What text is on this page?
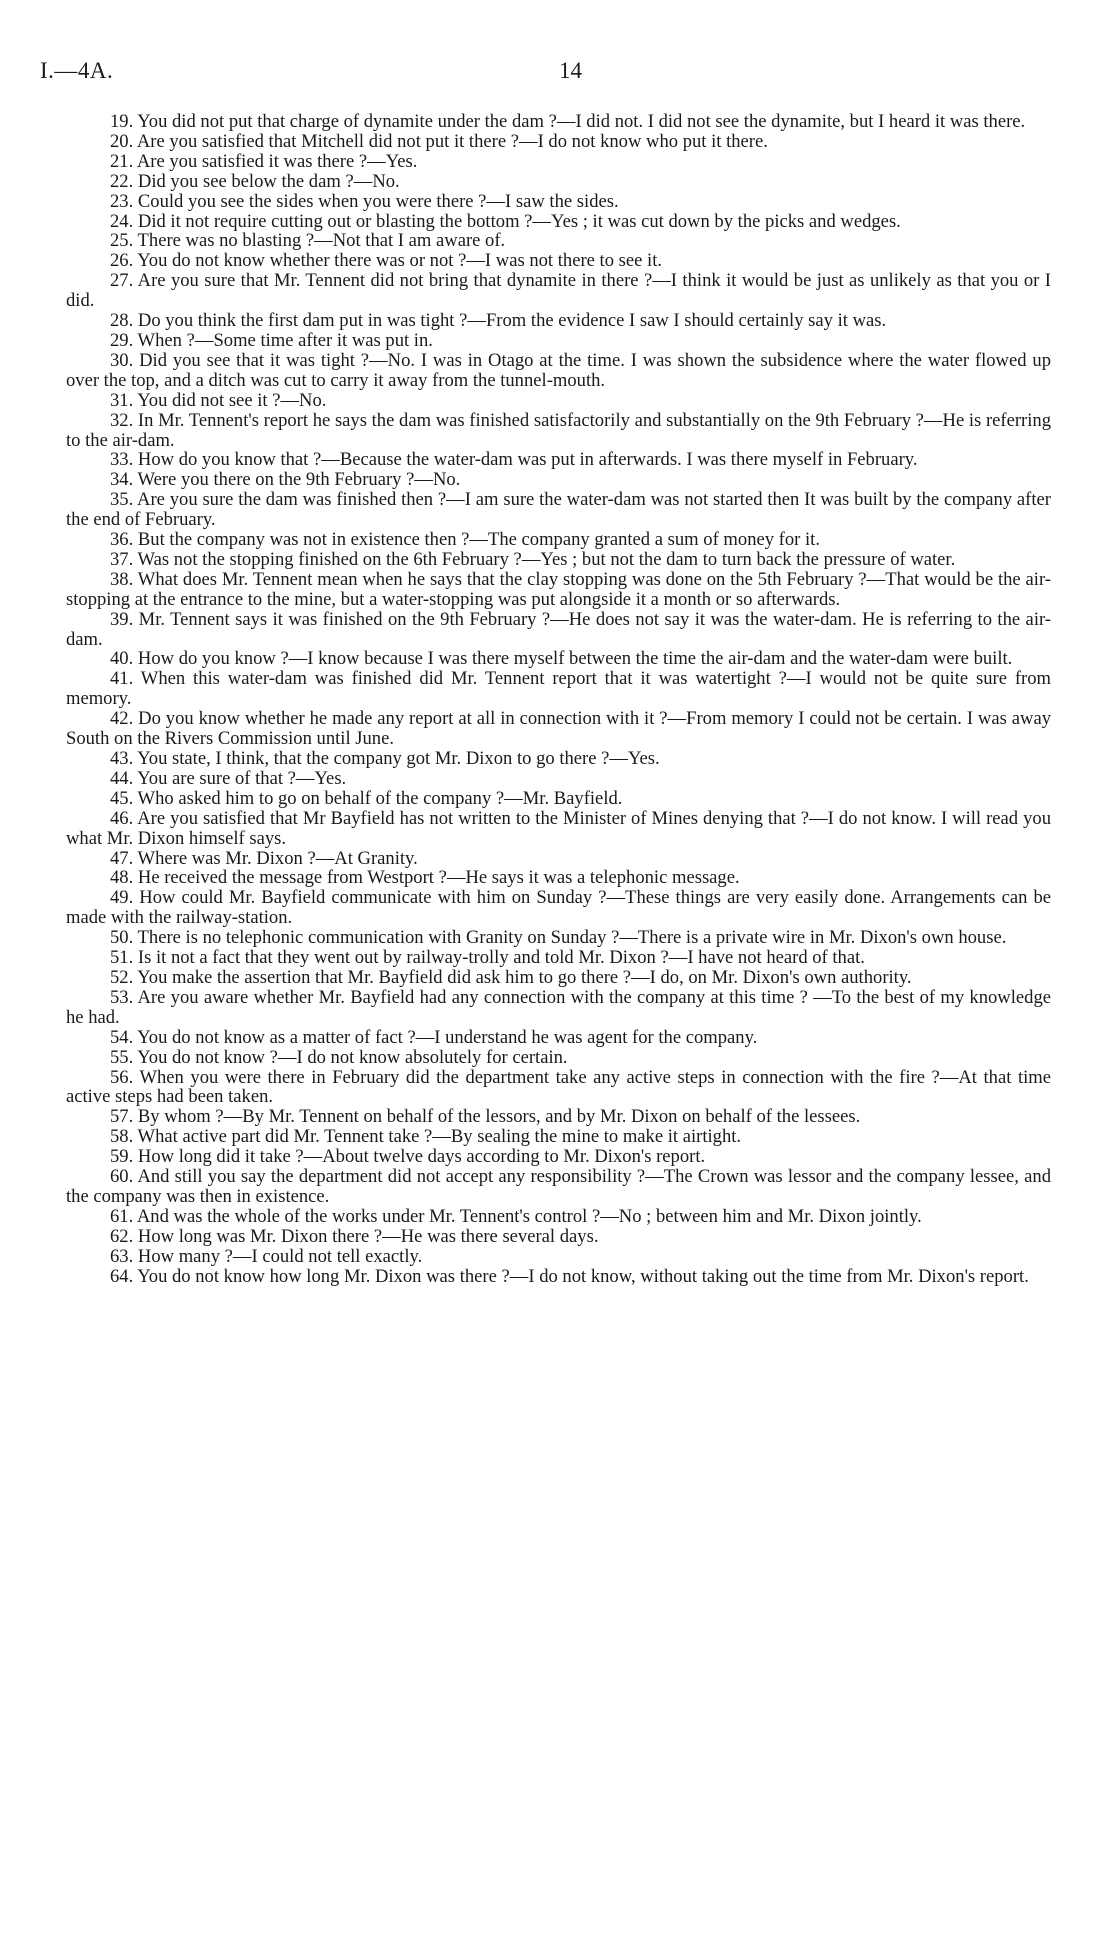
I.—4A.	14
19. You did not put that charge of dynamite under the dam ?—I did not. I did not see the dynamite, but I heard it was there.
20. Are you satisfied that Mitchell did not put it there ?—I do not know who put it there.
21. Are you satisfied it was there ?—Yes.
22. Did you see below the dam ?—No.
23. Could you see the sides when you were there ?—I saw the sides.
24. Did it not require cutting out or blasting the bottom ?—Yes ; it was cut down by the picks and wedges.
25. There was no blasting ?—Not that I am aware of.
26. You do not know whether there was or not ?—I was not there to see it.
27. Are you sure that Mr. Tennent did not bring that dynamite in there ?—I think it would be just as unlikely as that you or I did.
28. Do you think the first dam put in was tight ?—From the evidence I saw I should certainly say it was.
29. When ?—Some time after it was put in.
30. Did you see that it was tight ?—No. I was in Otago at the time. I was shown the subsidence where the water flowed up over the top, and a ditch was cut to carry it away from the tunnel-mouth.
31. You did not see it ?—No.
32. In Mr. Tennent's report he says the dam was finished satisfactorily and substantially on the 9th February ?—He is referring to the air-dam.
33. How do you know that ?—Because the water-dam was put in afterwards. I was there myself in February.
34. Were you there on the 9th February ?—No.
35. Are you sure the dam was finished then ?—I am sure the water-dam was not started then It was built by the company after the end of February.
36. But the company was not in existence then ?—The company granted a sum of money for it.
37. Was not the stopping finished on the 6th February ?—Yes ; but not the dam to turn back the pressure of water.
38. What does Mr. Tennent mean when he says that the clay stopping was done on the 5th February ?—That would be the air-stopping at the entrance to the mine, but a water-stopping was put alongside it a month or so afterwards.
39. Mr. Tennent says it was finished on the 9th February ?—He does not say it was the water-dam. He is referring to the air-dam.
40. How do you know ?—I know because I was there myself between the time the air-dam and the water-dam were built.
41. When this water-dam was finished did Mr. Tennent report that it was watertight ?—I would not be quite sure from memory.
42. Do you know whether he made any report at all in connection with it ?—From memory I could not be certain. I was away South on the Rivers Commission until June.
43. You state, I think, that the company got Mr. Dixon to go there ?—Yes.
44. You are sure of that ?—Yes.
45. Who asked him to go on behalf of the company ?—Mr. Bayfield.
46. Are you satisfied that Mr Bayfield has not written to the Minister of Mines denying that ?—I do not know. I will read you what Mr. Dixon himself says.
47. Where was Mr. Dixon ?—At Granity.
48. He received the message from Westport ?—He says it was a telephonic message.
49. How could Mr. Bayfield communicate with him on Sunday ?—These things are very easily done. Arrangements can be made with the railway-station.
50. There is no telephonic communication with Granity on Sunday ?—There is a private wire in Mr. Dixon's own house.
51. Is it not a fact that they went out by railway-trolly and told Mr. Dixon ?—I have not heard of that.
52. You make the assertion that Mr. Bayfield did ask him to go there ?—I do, on Mr. Dixon's own authority.
53. Are you aware whether Mr. Bayfield had any connection with the company at this time ? —To the best of my knowledge he had.
54. You do not know as a matter of fact ?—I understand he was agent for the company.
55. You do not know ?—I do not know absolutely for certain.
56. When you were there in February did the department take any active steps in connection with the fire ?—At that time active steps had been taken.
57. By whom ?—By Mr. Tennent on behalf of the lessors, and by Mr. Dixon on behalf of the lessees.
58. What active part did Mr. Tennent take ?—By sealing the mine to make it airtight.
59. How long did it take ?—About twelve days according to Mr. Dixon's report.
60. And still you say the department did not accept any responsibility ?—The Crown was lessor and the company lessee, and the company was then in existence.
61. And was the whole of the works under Mr. Tennent's control ?—No ; between him and Mr. Dixon jointly.
62. How long was Mr. Dixon there ?—He was there several days.
63. How many ?—I could not tell exactly.
64. You do not know how long Mr. Dixon was there ?—I do not know, without taking out the time from Mr. Dixon's report.
